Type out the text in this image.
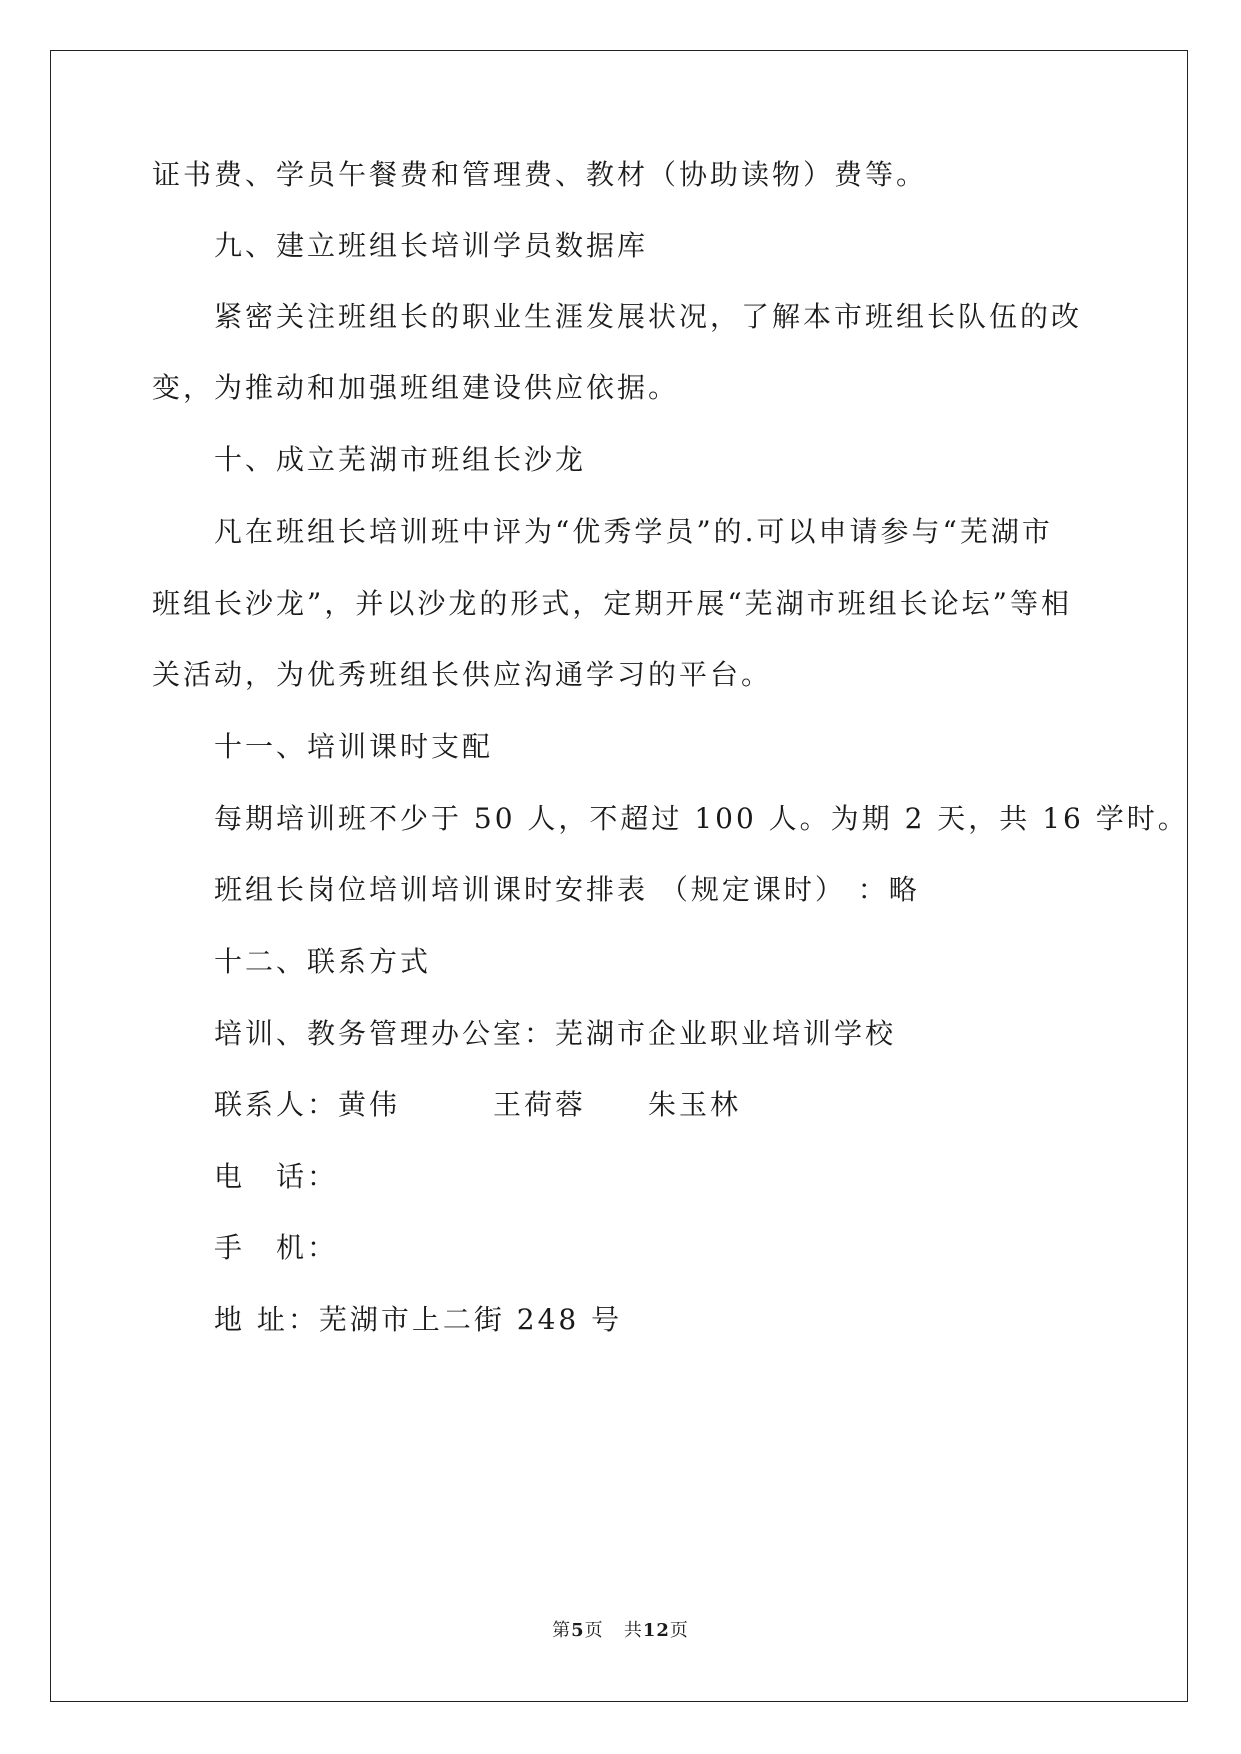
证书费、学员午餐费和管理费、教材（协助读物）费等。
九、建立班组长培训学员数据库
紧密关注班组长的职业生涯发展状况，了解本市班组长队伍的改
变，为推动和加强班组建设供应依据。
十、成立芜湖市班组长沙龙
凡在班组长培训班中评为“优秀学员”的.可以申请参与“芜湖市
班组长沙龙”，并以沙龙的形式，定期开展“芜湖市班组长论坛”等相
关活动，为优秀班组长供应沟通学习的平台。
十一、培训课时支配
每期培训班不少于 50 人，不超过 100 人。为期 2 天，共 16 学时。
班组长岗位培训培训课时安排表 （规定课时） ：略
十二、联系方式
培训、教务管理办公室：芜湖市企业职业培训学校
联系人：黄伟　　　王荷蓉　　朱玉林
电　话：
手　机：
地 址：芜湖市上二街 248 号
第5页 共12页
